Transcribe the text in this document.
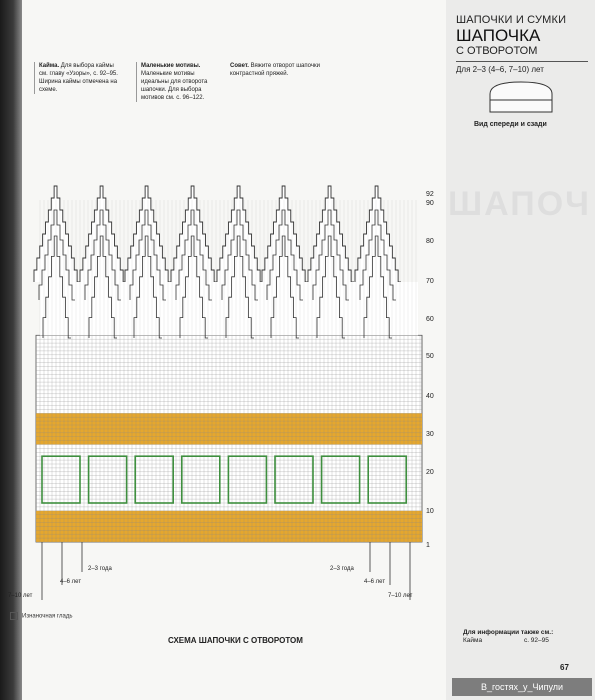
ШАПОЧ
ШАПОЧКИ И СУМКИ
ШАПОЧКА
С ОТВОРОТОМ
Для 2–3 (4–6, 7–10) лет
Вид спереди и сзади
Кайма. Для выбора каймы см. главу «Узоры», с. 92–95. Ширина каймы отмечена на схеме.
Маленькие мотивы. Маленькие мотивы идеальны для отворота шапочки. Для выбора мотивов см. с. 96–122.
Совет. Вяжите отворот шапочки контрастной пряжей.
92
90
80
70
60
50
40
30
20
10
1
2–3 года
4–6 лет
7–10 лет
2–3 года
4–6 лет
7–10 лет
Изнаночная гладь
СХЕМА ШАПОЧКИ С ОТВОРОТОМ
Для информации также см.:
Кайма	с. 92–95
67
В_гостях_у_Чипули
